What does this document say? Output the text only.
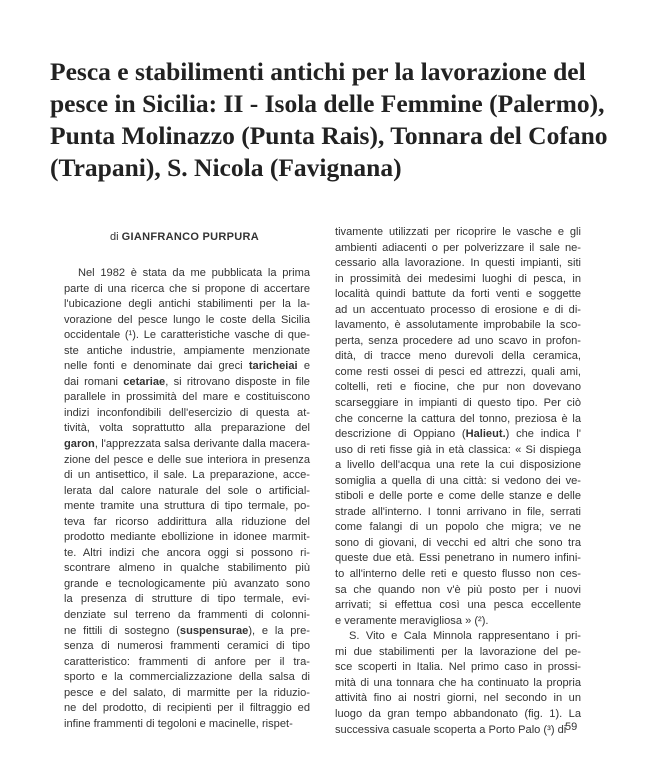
Pesca e stabilimenti antichi per la lavorazione del
pesce in Sicilia: II - Isola delle Femmine (Palermo),
Punta Molinazzo (Punta Rais), Tonnara del Cofano
(Trapani), S. Nicola (Favignana)
di GIANFRANCO PURPURA
Nel 1982 è stata da me pubblicata la prima
parte di una ricerca che si propone di accertare
l'ubicazione degli antichi stabilimenti per la la-
vorazione del pesce lungo le coste della Sicilia
occidentale (¹). Le caratteristiche vasche di que-
ste antiche industrie, ampiamente menzionate
nelle fonti e denominate dai greci taricheiai e
dai romani cetariae, si ritrovano disposte in file
parallele in prossimità del mare e costituiscono
indizi inconfondibili dell'esercizio di questa at-
tività, volta soprattutto alla preparazione del
garon, l'apprezzata salsa derivante dalla macera-
zione del pesce e delle sue interiora in presenza
di un antisettico, il sale. La preparazione, acce-
lerata dal calore naturale del sole o artificial-
mente tramite una struttura di tipo termale, po-
teva far ricorso addirittura alla riduzione del
prodotto mediante ebollizione in idonee marmit-
te. Altri indizi che ancora oggi si possono ri-
scontrare almeno in qualche stabilimento più
grande e tecnologicamente più avanzato sono
la presenza di strutture di tipo termale, evi-
denziate sul terreno da frammenti di colonni-
ne fittili di sostegno (suspensurae), e la pre-
senza di numerosi frammenti ceramici di tipo
caratteristico: frammenti di anfore per il tra-
sporto e la commercializzazione della salsa di
pesce e del salato, di marmitte per la riduzio-
ne del prodotto, di recipienti per il filtraggio ed
infine frammenti di tegoloni e macinelle, rispet-
tivamente utilizzati per ricoprire le vasche e gli
ambienti adiacenti o per polverizzare il sale ne-
cessario alla lavorazione. In questi impianti, siti
in prossimità dei medesimi luoghi di pesca, in
località quindi battute da forti venti e soggette
ad un accentuato processo di erosione e di di-
lavamento, è assolutamente improbabile la sco-
perta, senza procedere ad uno scavo in profon-
dità, di tracce meno durevoli della ceramica,
come resti ossei di pesci ed attrezzi, quali ami,
coltelli, reti e fiocine, che pur non dovevano
scarseggiare in impianti di questo tipo. Per ciò
che concerne la cattura del tonno, preziosa è la
descrizione di Oppiano (Halieut.) che indica l'
uso di reti fisse già in età classica: « Si dispiega
a livello dell'acqua una rete la cui disposizione
somiglia a quella di una città: si vedono dei ve-
stiboli e delle porte e come delle stanze e delle
strade all'interno. I tonni arrivano in file, serrati
come falangi di un popolo che migra; ve ne
sono di giovani, di vecchi ed altri che sono tra
queste due età. Essi penetrano in numero infini-
to all'interno delle reti e questo flusso non ces-
sa che quando non v'è più posto per i nuovi
arrivati; si effettua così una pesca eccellente
e veramente meravigliosa » (²).
S. Vito e Cala Minnola rappresentano i pri-
mi due stabilimenti per la lavorazione del pe-
sce scoperti in Italia. Nel primo caso in prossi-
mità di una tonnara che ha continuato la propria
attività fino ai nostri giorni, nel secondo in un
luogo da gran tempo abbandonato (fig. 1). La
successiva casuale scoperta a Porto Palo (³) di
59
